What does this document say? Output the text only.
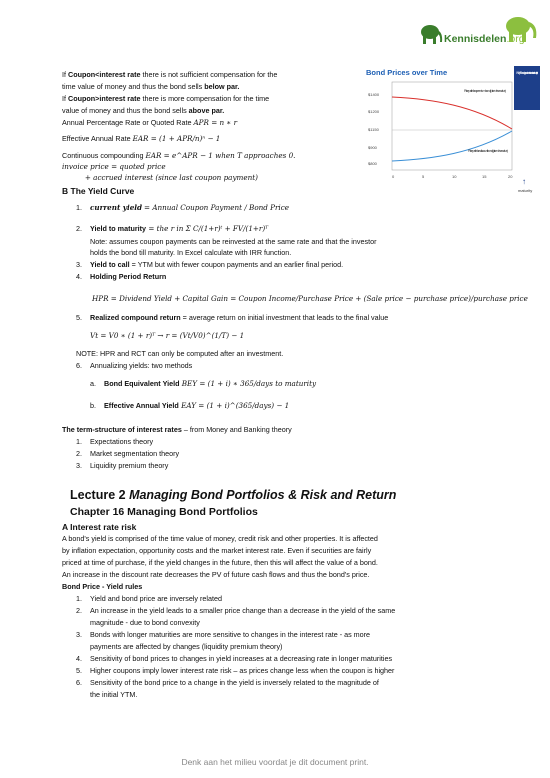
Kennisdelen.org
If Coupon<interest rate there is not sufficient compensation for the
time value of money and thus the bond sells below par.
If Coupon>interest rate there is more compensation for the time
value of money and thus the bond sells above par.
Annual Percentage Rate or Quoted Rate APR = n ∗ r
Effective Annual Rate EAR = (1 + APR/n)ⁿ − 1
Continuous compounding EAR = e^APR − 1 when T approaches 0.
invoice price = quoted price
+ accrued interest (since last coupon payment)
Bond Prices over Time
$1400
$1200
$1150
$900
$800
0	5	10	15	20
Price path for a premium bond (price > face value)
Price path for a discount bond (price < face value)
Why? Bond approaches face value at maturity
↑
maturity
B The Yield Curve
1. current yield = Annual Coupon Payment / Bond Price
2. Yield to maturity = the r in Σ C/(1+r)ᵗ + FV/(1+r)ᵀ
Note: assumes coupon payments can be reinvested at the same rate and that the investor
holds the bond till maturity. In Excel calculate with IRR function.
3. Yield to call = YTM but with fewer coupon payments and an earlier final period.
4. Holding Period Return
HPR = Dividend Yield + Capital Gain = Coupon Income/Purchase Price + (Sale price − purchase price)/purchase price
5. Realized compound return = average return on initial investment that leads to the final value
Vt = V0 ∗ (1 + r)ᵀ → r = (Vt/V0)^(1/T) − 1
NOTE: HPR and RCT can only be computed after an investment.
6. Annualizing yields: two methods
a. Bond Equivalent Yield BEY = (1 + i) ∗ 365/days to maturity
b. Effective Annual Yield EAY = (1 + i)^(365/days) − 1
The term-structure of interest rates – from Money and Banking theory
1. Expectations theory
2. Market segmentation theory
3. Liquidity premium theory
Lecture 2 Managing Bond Portfolios & Risk and Return
Chapter 16 Managing Bond Portfolios
A Interest rate risk
A bond's yield is comprised of the time value of money, credit risk and other properties. It is affected
by inflation expectation, opportunity costs and the market interest rate. Even if securities are fairly
priced at time of purchase, if the yield changes in the future, then this will affect the value of a bond.
An increase in the discount rate decreases the PV of future cash flows and thus the bond's price.
Bond Price - Yield rules
1. Yield and bond price are inversely related
2. An increase in the yield leads to a smaller price change than a decrease in the yield of the same
magnitude - due to bond convexity
3. Bonds with longer maturities are more sensitive to changes in the interest rate - as more
payments are affected by changes (liquidity premium theory)
4. Sensitivity of bond prices to changes in yield increases at a decreasing rate in longer maturities
5. Higher coupons imply lower interest rate risk – as prices change less when the coupon is higher
6. Sensitivity of the bond price to a change in the yield is inversely related to the magnitude of
the initial YTM.
Denk aan het milieu voordat je dit document print.
